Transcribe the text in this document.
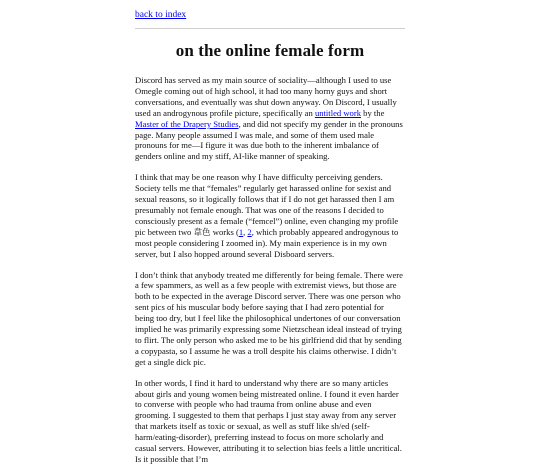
back to index
on the online female form

Discord has served as my main source of sociality—although I used to use Omegle coming out of high school, it had too many horny guys and short conversations, and eventually was shut down anyway. On Discord, I usually used an androgynous profile picture, specifically an untitled work by the Master of the Drapery Studies, and did not specify my gender in the pronouns page. Many people assumed I was male, and some of them used male pronouns for me—I figure it was due both to the inherent imbalance of genders online and my stiff, AI-like manner of speaking.

I think that may be one reason why I have difficulty perceiving genders. Society tells me that “females” regularly get harassed online for sexist and sexual reasons, so it logically follows that if I do not get harassed then I am presumably not female enough. That was one of the reasons I decided to consciously present as a female (“femcel”) online, even changing my profile pic between two 韋色 works (1, 2, which probably appeared androgynous to most people considering I zoomed in). My main experience is in my own server, but I also hopped around several Disboard servers.

I don’t think that anybody treated me differently for being female. There were a few spammers, as well as a few people with extremist views, but those are both to be expected in the average Discord server. There was one person who sent pics of his muscular body before saying that I had zero potential for being too dry, but I feel like the philosophical undertones of our conversation implied he was primarily expressing some Nietzschean ideal instead of trying to flirt. The only person who asked me to be his girlfriend did that by sending a copypasta, so I assume he was a troll despite his claims otherwise. I didn’t get a single dick pic.

In other words, I find it hard to understand why there are so many articles about girls and young women being mistreated online. I found it even harder to converse with people who had trauma from online abuse and even grooming. I suggested to them that perhaps I just stay away from any server that markets itself as toxic or sexual, as well as stuff like sh/ed (self-harm/eating-disorder), preferring instead to focus on more scholarly and casual servers. However, attributing it to selection bias feels a little uncritical. Is it possible that I’m
